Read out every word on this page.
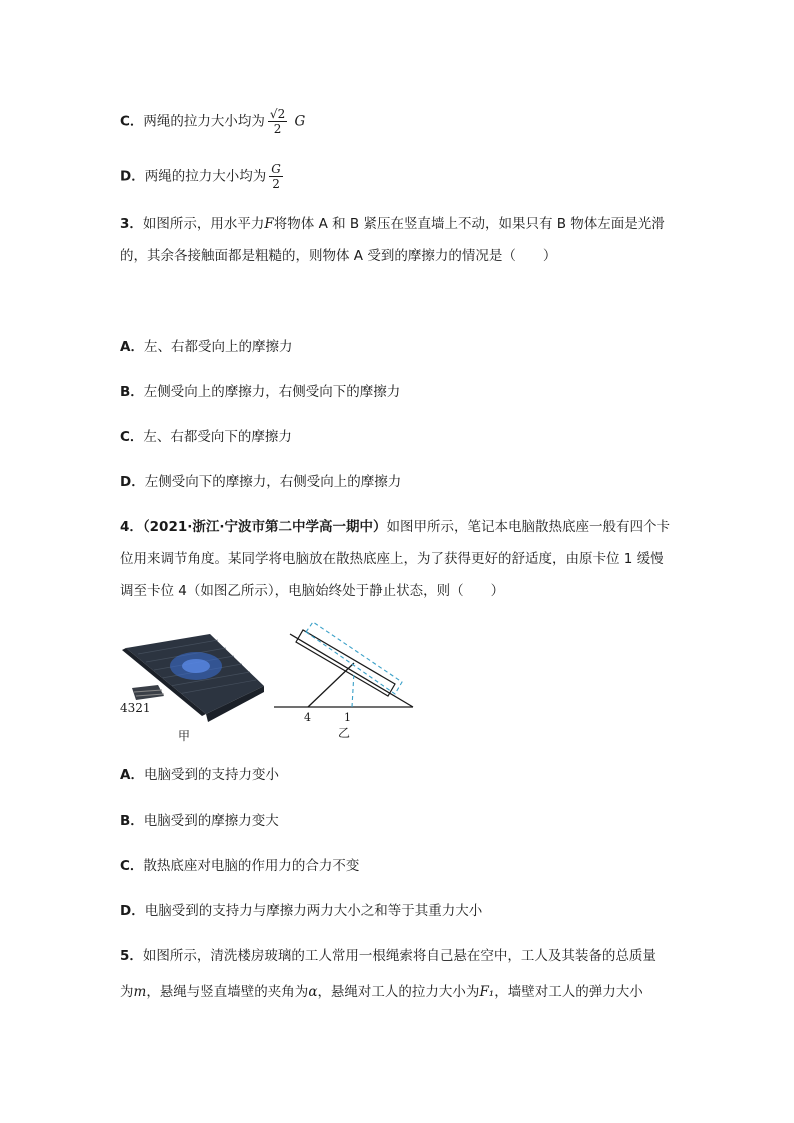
C．两绳的拉力大小均为 $\frac{√2}{2}$ G
D．两绳的拉力大小均为 $\frac{G}{2}$
3．如图所示，用水平力F将物体 A 和 B 紧压在竖直墙上不动，如果只有 B 物体左面是光滑
的，其余各接触面都是粗糙的，则物体 A 受到的摩擦力的情况是（　　）
A．左、右都受向上的摩擦力
B．左侧受向上的摩擦力，右侧受向下的摩擦力
C．左、右都受向下的摩擦力
D．左侧受向下的摩擦力，右侧受向上的摩擦力
4．（2021·浙江·宁波市第二中学高一期中）如图甲所示，笔记本电脑散热底座一般有四个卡
位用来调节角度。某同学将电脑放在散热底座上，为了获得更好的舒适度，由原卡位 1 缓慢
调至卡位 4（如图乙所示），电脑始终处于静止状态，则（　　）
4321
甲
4	1
乙
A．电脑受到的支持力变小
B．电脑受到的摩擦力变大
C．散热底座对电脑的作用力的合力不变
D．电脑受到的支持力与摩擦力两力大小之和等于其重力大小
5．如图所示，清洗楼房玻璃的工人常用一根绳索将自己悬在空中，工人及其装备的总质量
为m，悬绳与竖直墙壁的夹角为α，悬绳对工人的拉力大小为F₁，墙壁对工人的弹力大小
